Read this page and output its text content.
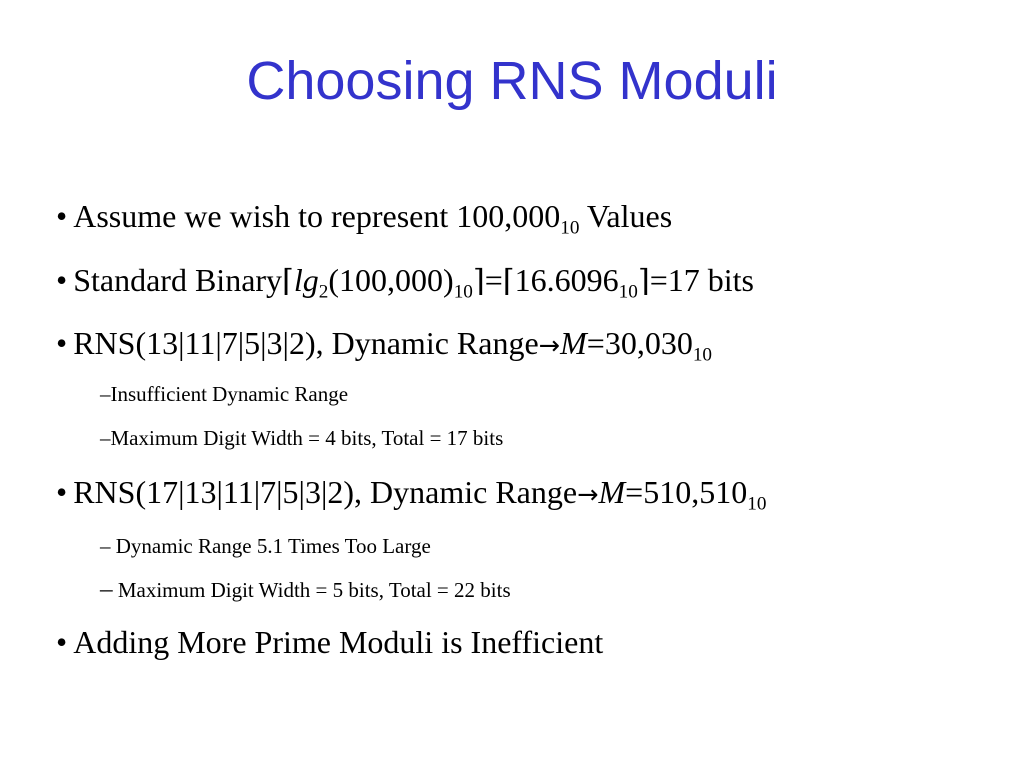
Choosing RNS Moduli
• Assume we wish to represent $100,000_{10}$ Values
• Standard $Binary⌈\lg_2(100,000)_{10}⌉=⌈16.6096_{10}⌉=17$ bits
• RNS(13|11|7|5|3|2), Dynamic $Range\to M=30,030_{10}$
–Insufficient Dynamic Range
–Maximum Digit Width = 4 bits, Total = 17 bits
• RNS(17|13|11|7|5|3|2), Dynamic $Range\to M=510,510_{10}$
– Dynamic Range 5.1 Times Too Large
– Maximum Digit Width = 5 bits, Total = 22 bits
• Adding More Prime Moduli is Inefficient
